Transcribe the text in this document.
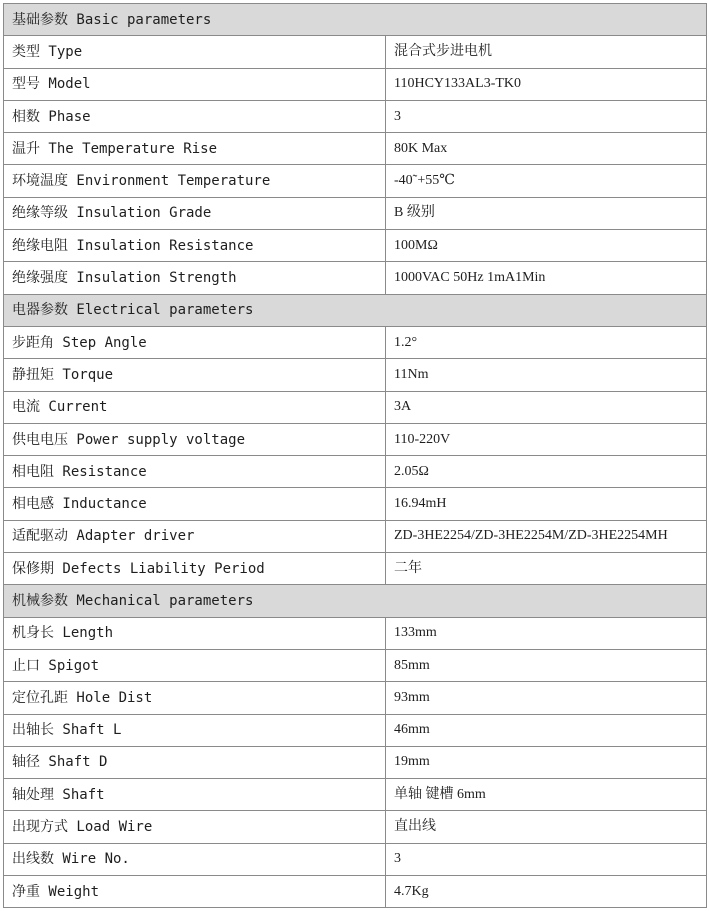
基础参数 Basic parameters	
类型 Type	混合式步进电机
型号 Model	110HCY133AL3-TK0
相数 Phase	3
温升 The Temperature Rise	80K Max
环境温度 Environment Temperature	-40˜+55℃
绝缘等级 Insulation Grade	B 级别
绝缘电阻 Insulation Resistance	100MΩ
绝缘强度 Insulation Strength	1000VAC 50Hz 1mA1Min
电器参数 Electrical parameters	
步距角 Step Angle	1.2°
静扭矩 Torque	11Nm
电流 Current	3A
供电电压 Power supply voltage	110-220V
相电阻 Resistance	2.05Ω
相电感 Inductance	16.94mH
适配驱动 Adapter driver	ZD-3HE2254/ZD-3HE2254M/ZD-3HE2254MH
保修期 Defects Liability Period	二年
机械参数 Mechanical parameters	
机身长 Length	133mm
止口 Spigot	85mm
定位孔距 Hole Dist	93mm
出轴长 Shaft L	46mm
轴径 Shaft D	19mm
轴处理 Shaft	单轴 键槽 6mm
出现方式 Load Wire	直出线
出线数 Wire No.	3
净重 Weight	4.7Kg
